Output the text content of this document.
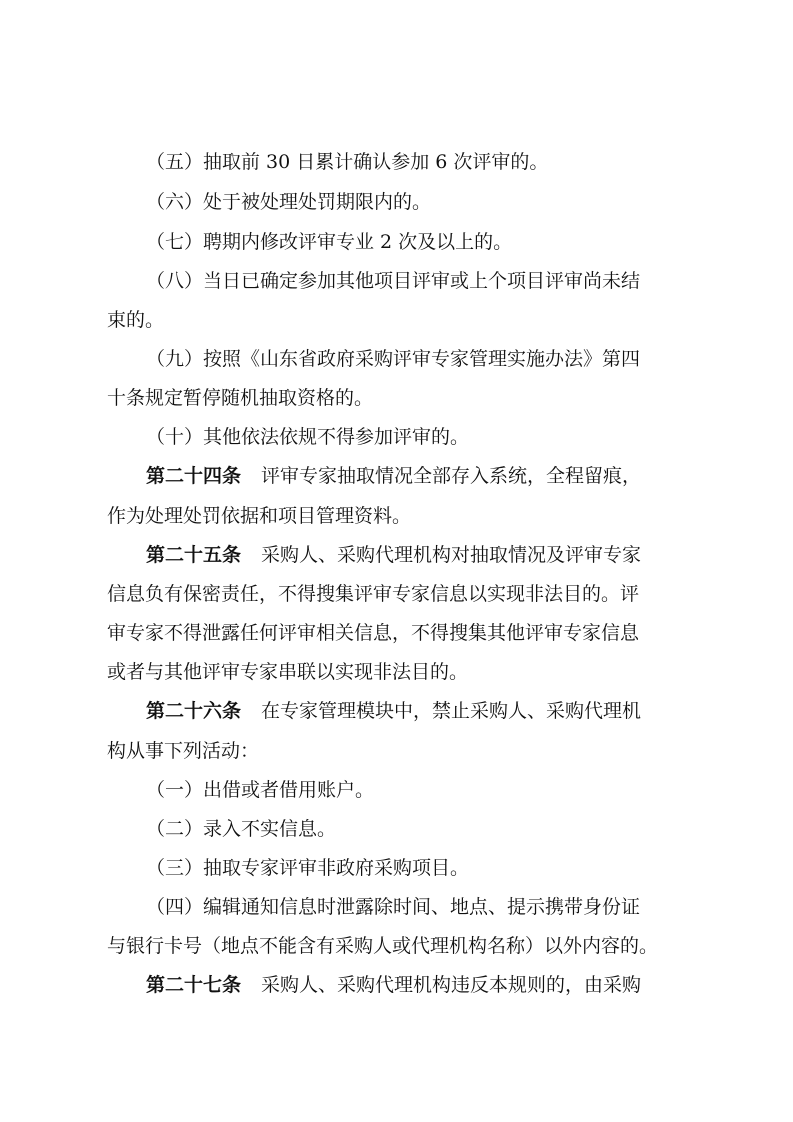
（五）抽取前 30 日累计确认参加 6 次评审的。
（六）处于被处理处罚期限内的。
（七）聘期内修改评审专业 2 次及以上的。
（八）当日已确定参加其他项目评审或上个项目评审尚未结
束的。
（九）按照《山东省政府采购评审专家管理实施办法》第四
十条规定暂停随机抽取资格的。
（十）其他依法依规不得参加评审的。
第二十四条 评审专家抽取情况全部存入系统，全程留痕，
作为处理处罚依据和项目管理资料。
第二十五条 采购人、采购代理机构对抽取情况及评审专家
信息负有保密责任，不得搜集评审专家信息以实现非法目的。评
审专家不得泄露任何评审相关信息，不得搜集其他评审专家信息
或者与其他评审专家串联以实现非法目的。
第二十六条 在专家管理模块中，禁止采购人、采购代理机
构从事下列活动：
（一）出借或者借用账户。
（二）录入不实信息。
（三）抽取专家评审非政府采购项目。
（四）编辑通知信息时泄露除时间、地点、提示携带身份证
与银行卡号（地点不能含有采购人或代理机构名称）以外内容的。
第二十七条 采购人、采购代理机构违反本规则的，由采购
